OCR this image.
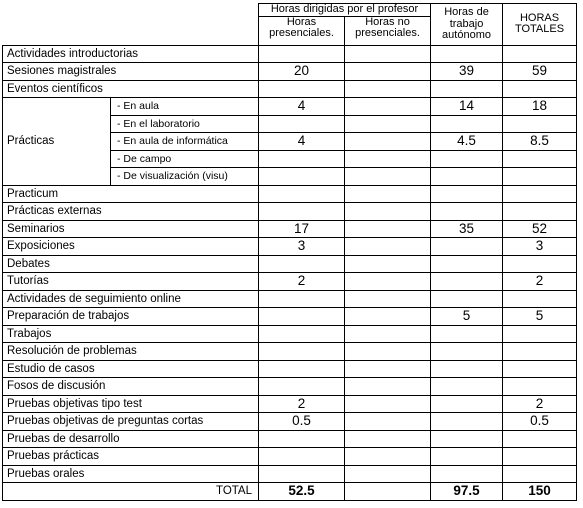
		Horas dirigidas por el profesor		Horas de trabajo autónomo	HORAS TOTALES
		Horas presenciales.	Horas no presenciales.		
Actividades introductorias					
Sesiones magistrales		20		39	59
Eventos científicos					
Prácticas	- En aula	4		14	18
	- En el laboratorio				
	- En aula de informática	4		4.5	8.5
	- De campo				
	- De visualización (visu)				
Practicum					
Prácticas externas					
Seminarios		17		35	52
Exposiciones		3			3
Debates					
Tutorías		2			2
Actividades de seguimiento online					
Preparación de trabajos				5	5
Trabajos					
Resolución de problemas					
Estudio de casos					
Fosos de discusión					
Pruebas objetivas tipo test		2			2
Pruebas objetivas de preguntas cortas		0.5			0.5
Pruebas de desarrollo					
Pruebas prácticas					
Pruebas orales					
TOTAL		52.5		97.5	150
